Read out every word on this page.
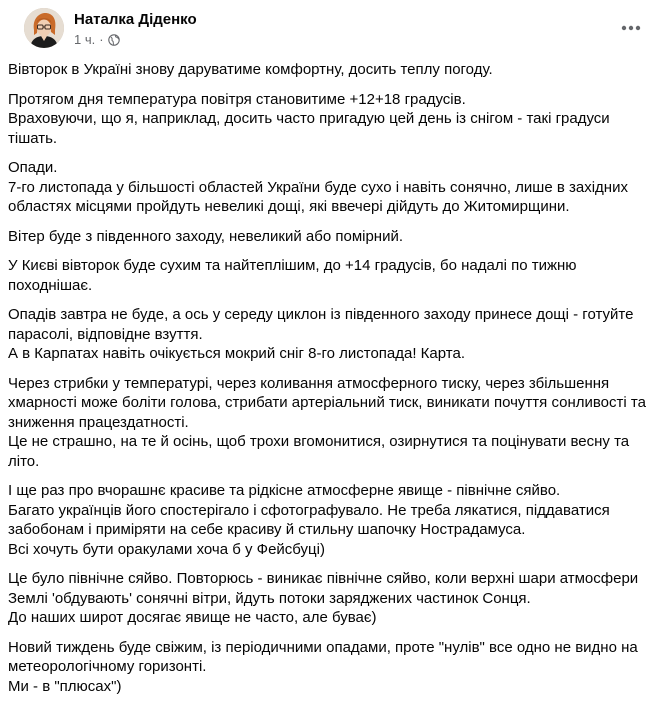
Наталка Діденко
1 ч. ·

Вівторок в Україні знову даруватиме комфортну, досить теплу погоду.

Протягом дня температура повітря становитиме +12+18 градусів.
Враховуючи, що я, наприклад, досить часто пригадую цей день із снігом - такі градуси тішать.

Опади.
7-го листопада у більшості областей України буде сухо і навіть сонячно, лише в західних областях місцями пройдуть невеликі дощі, які ввечері дійдуть до Житомирщини.

Вітер буде з південного заходу, невеликий або помірний.

У Києві вівторок буде сухим та найтеплішим, до +14 градусів, бо надалі по тижню походнішає.

Опадів завтра не буде, а ось у середу циклон із південного заходу принесе дощі - готуйте парасолі, відповідне взуття.
А в Карпатах навіть очікується мокрий сніг 8-го листопада! Карта.

Через стрибки у температурі, через коливання атмосферного тиску, через збільшення хмарності може боліти голова, стрибати артеріальний тиск, виникати почуття сонливості та зниження працездатності.
Це не страшно, на те й осінь, щоб трохи вгомонитися, озирнутися та поцінувати весну та літо.

І ще раз про вчорашнє красиве та рідкісне атмосферне явище - північне сяйво.
Багато українців його спостерігало і сфотографувало. Не треба лякатися, піддаватися забобонам і приміряти на себе красиву й стильну шапочку Нострадамуса.
Всі хочуть бути оракулами хоча б у Фейсбуці)

Це було північне сяйво. Повторюсь - виникає північне сяйво, коли верхні шари атмосфери Землі 'обдувають' сонячні вітри, йдуть потоки заряджених частинок Сонця.
До наших широт досягає явище не часто, але буває)

Новий тиждень буде свіжим, із періодичними опадами, проте "нулів" все одно не видно на метеорологічному горизонті.
Ми - в "плюсах")
